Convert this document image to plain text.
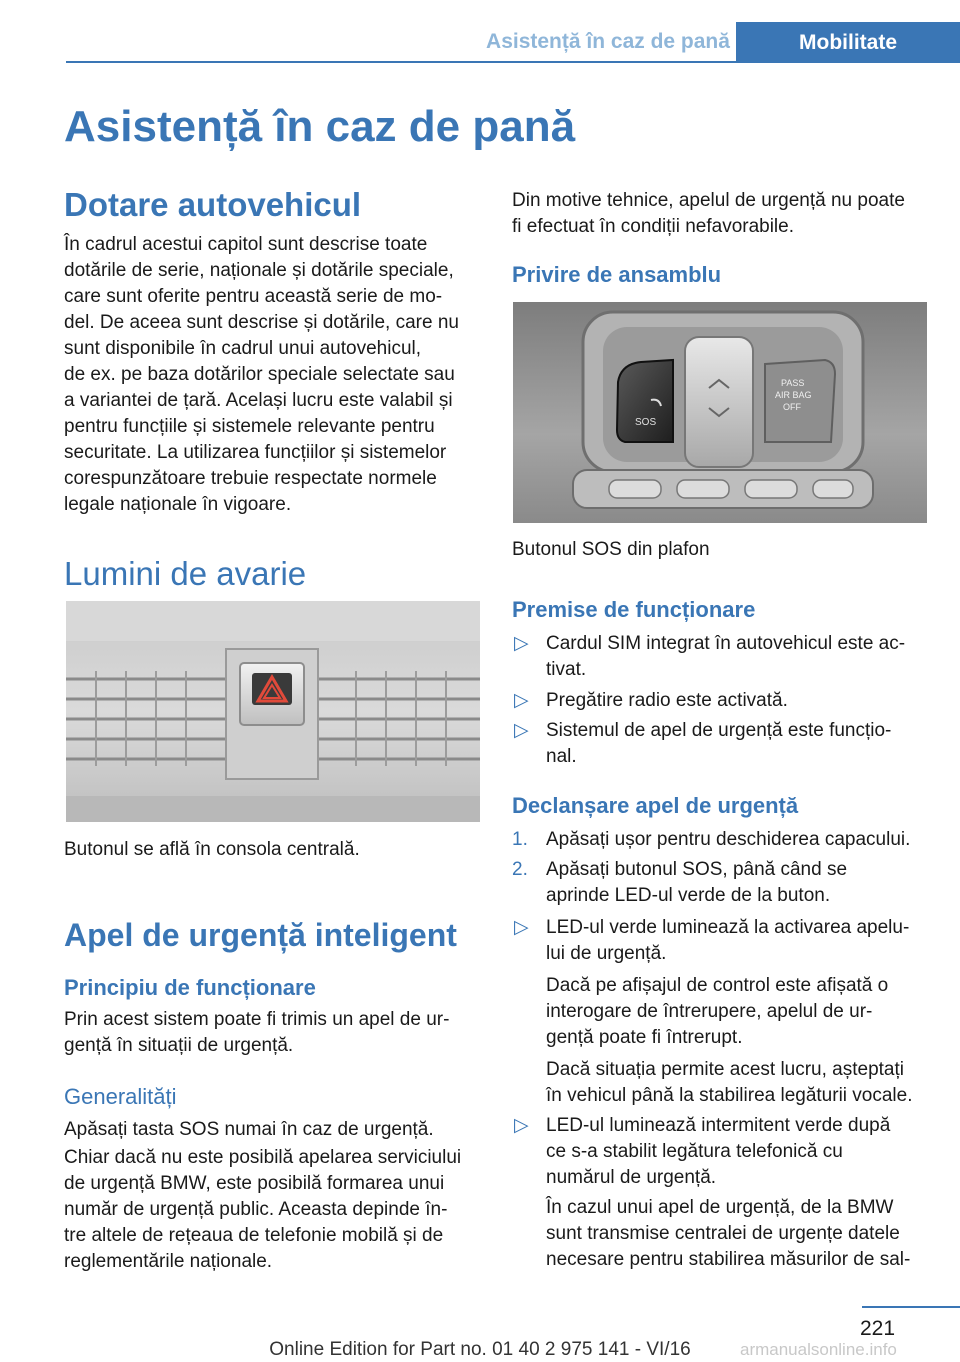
Asistență în caz de pană	Mobilitate
Asistență în caz de pană
Dotare autovehicul
În cadrul acestui capitol sunt descrise toate
dotările de serie, naționale și dotările speciale,
care sunt oferite pentru această serie de mo‐
del. De aceea sunt descrise și dotările, care nu
sunt disponibile în cadrul unui autovehicul,
de ex. pe baza dotărilor speciale selectate sau
a variantei de țară. Același lucru este valabil și
pentru funcțiile și sistemele relevante pentru
securitate. La utilizarea funcțiilor și sistemelor
corespunzătoare trebuie respectate normele
legale naționale în vigoare.
Lumini de avarie
Butonul se află în consola centrală.
Apel de urgență inteligent
Principiu de funcționare
Prin acest sistem poate fi trimis un apel de ur‐
gență în situații de urgență.
Generalități
Apăsați tasta SOS numai în caz de urgență.
Chiar dacă nu este posibilă apelarea serviciului
de urgență BMW, este posibilă formarea unui
număr de urgență public. Aceasta depinde în‐
tre altele de rețeaua de telefonie mobilă și de
reglementările naționale.
Din motive tehnice, apelul de urgență nu poate
fi efectuat în condiții nefavorabile.
Privire de ansamblu
SOS
PASS
AIR BAG
OFF
Butonul SOS din plafon
Premise de funcționare
▷ Cardul SIM integrat în autovehicul este ac‐
tivat.
▷ Pregătire radio este activată.
▷ Sistemul de apel de urgență este funcțio‐
nal.
Declanșare apel de urgență
1. Apăsați ușor pentru deschiderea capacului.
2. Apăsați butonul SOS, până când se
aprinde LED-ul verde de la buton.
▷ LED-ul verde luminează la activarea apelu‐
lui de urgență.
Dacă pe afișajul de control este afișată o
interogare de întrerupere, apelul de ur‐
gență poate fi întrerupt.
Dacă situația permite acest lucru, așteptați
în vehicul până la stabilirea legăturii vocale.
▷ LED-ul luminează intermitent verde după
ce s-a stabilit legătura telefonică cu
numărul de urgență.
În cazul unui apel de urgență, de la BMW
sunt transmise centralei de urgențe datele
necesare pentru stabilirea măsurilor de sal‐
221
Online Edition for Part no. 01 40 2 975 141 - VI/16	armanualsonline.info
